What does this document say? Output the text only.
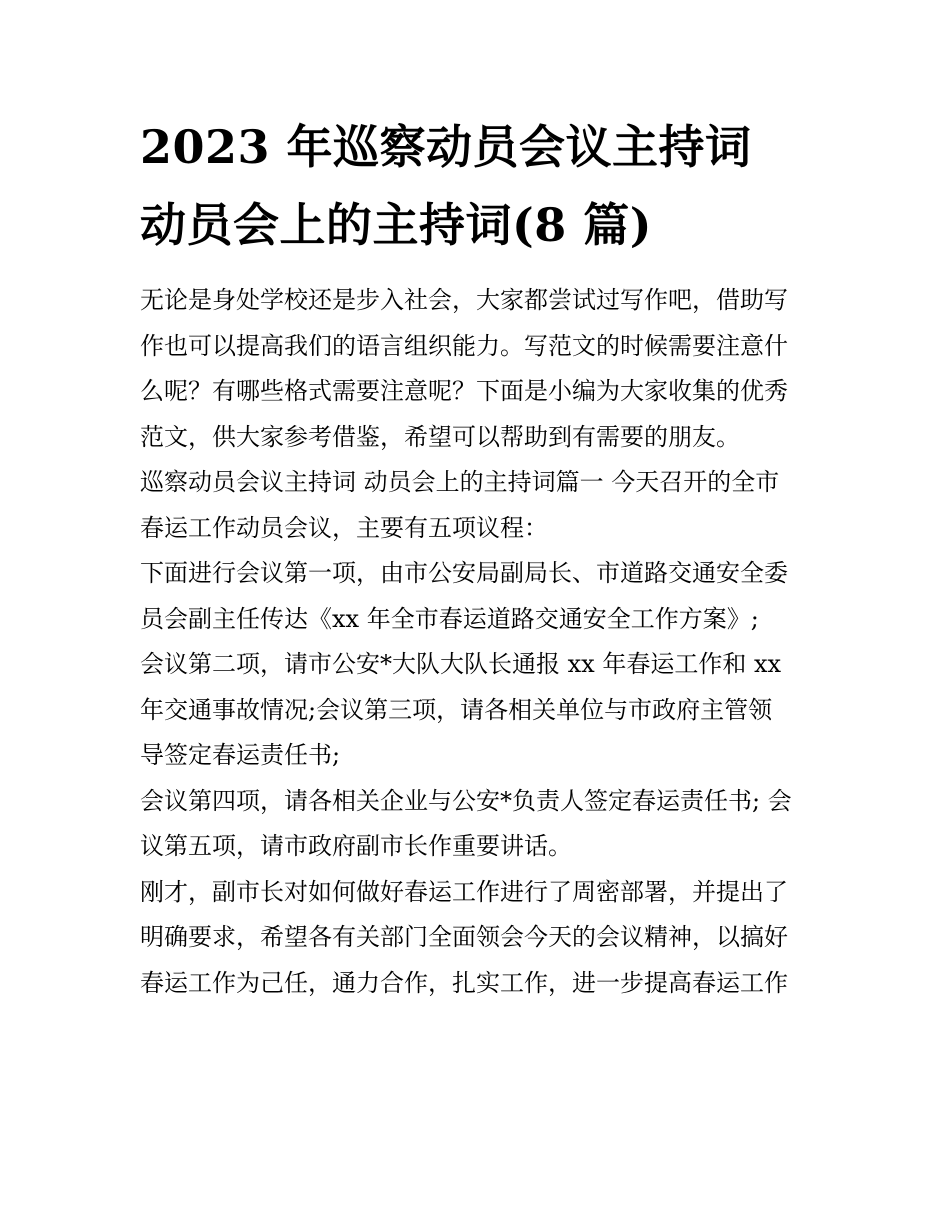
2023 年巡察动员会议主持词
动员会上的主持词(8 篇)

无论是身处学校还是步入社会，大家都尝试过写作吧，借助写
作也可以提高我们的语言组织能力。写范文的时候需要注意什
么呢？有哪些格式需要注意呢？下面是小编为大家收集的优秀
范文，供大家参考借鉴，希望可以帮助到有需要的朋友。

巡察动员会议主持词 动员会上的主持词篇一 今天召开的全市
春运工作动员会议，主要有五项议程：

下面进行会议第一项，由市公安局副局长、市道路交通安全委
员会副主任传达《xx 年全市春运道路交通安全工作方案》;

会议第二项，请市公安*大队大队长通报 xx 年春运工作和 xx
年交通事故情况;会议第三项，请各相关单位与市政府主管领
导签定春运责任书;

会议第四项，请各相关企业与公安*负责人签定春运责任书; 会
议第五项，请市政府副市长作重要讲话。

刚才，副市长对如何做好春运工作进行了周密部署，并提出了
明确要求，希望各有关部门全面领会今天的会议精神，以搞好
春运工作为己任，通力合作，扎实工作，进一步提高春运工作
